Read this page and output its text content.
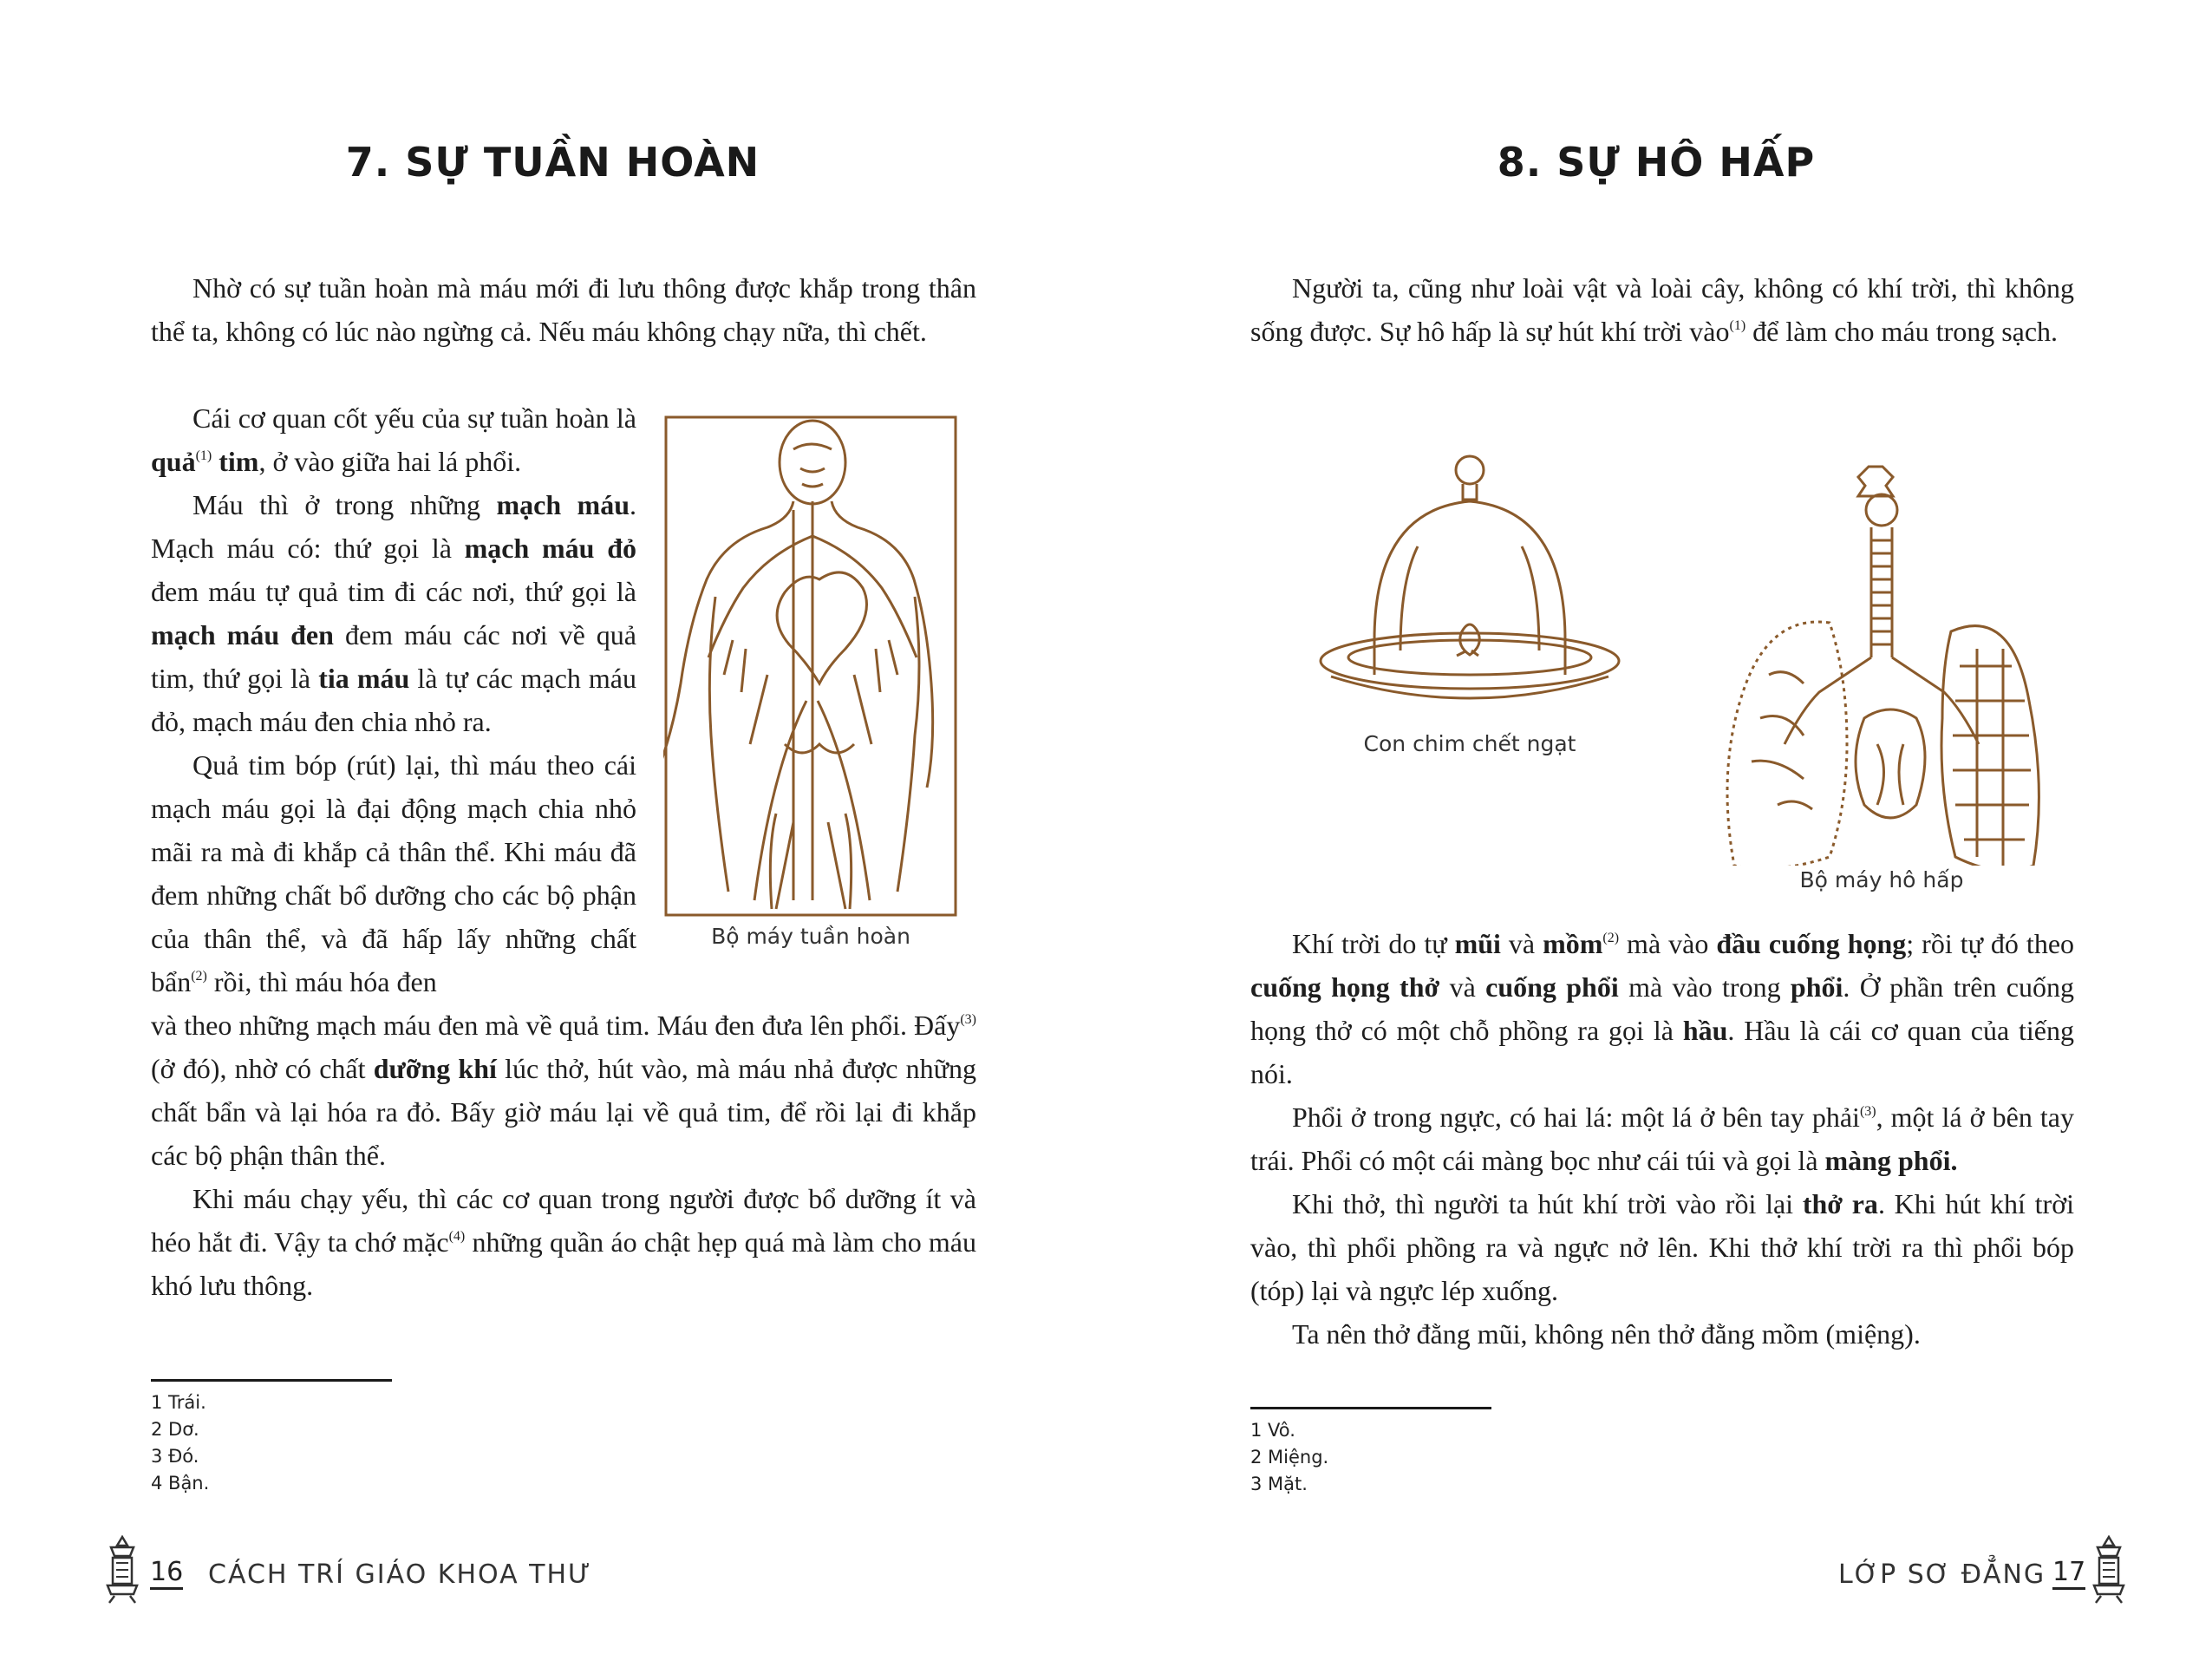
7. SỰ TUẦN HOÀN

Nhờ có sự tuần hoàn mà máu mới đi lưu thông được khắp trong thân thể ta, không có lúc nào ngừng cả. Nếu máu không chạy nữa, thì chết.

Cái cơ quan cốt yếu của sự tuần hoàn là quả$^{(1)}$ tim, ở vào giữa hai lá phổi.

Máu thì ở trong những mạch máu. Mạch máu có: thứ gọi là mạch máu đỏ đem máu tự quả tim đi các nơi, thứ gọi là mạch máu đen đem máu các nơi về quả tim, thứ gọi là tia máu là tự các mạch máu đỏ, mạch máu đen chia nhỏ ra.

Quả tim bóp (rút) lại, thì máu theo cái mạch máu gọi là đại động mạch chia nhỏ mãi ra mà đi khắp cả thân thể. Khi máu đã đem những chất bổ dưỡng cho các bộ phận của thân thể, và đã hấp lấy những chất bẩn$^{(2)}$ rồi, thì máu hóa đen

và theo những mạch máu đen mà về quả tim. Máu đen đưa lên phổi. Đấy$^{(3)}$ (ở đó), nhờ có chất dưỡng khí lúc thở, hút vào, mà máu nhả được những chất bẩn và lại hóa ra đỏ. Bấy giờ máu lại về quả tim, để rồi lại đi khắp các bộ phận thân thể.

Khi máu chạy yếu, thì các cơ quan trong người được bổ dưỡng ít và héo hắt đi. Vậy ta chớ mặc$^{(4)}$ những quần áo chật hẹp quá mà làm cho máu khó lưu thông.

Bộ máy tuần hoàn
1 Trái.
2 Dơ.
3 Đó.
4 Bận.
16 CÁCH TRÍ GIÁO KHOA THƯ
8. SỰ HÔ HẤP

Người ta, cũng như loài vật và loài cây, không có khí trời, thì không sống được. Sự hô hấp là sự hút khí trời vào$^{(1)}$ để làm cho máu trong sạch.

Con chim chết ngạt
Bộ máy hô hấp

Khí trời do tự mũi và mồm$^{(2)}$ mà vào đầu cuống họng; rồi tự đó theo cuống họng thở và cuống phổi mà vào trong phổi. Ở phần trên cuống họng thở có một chỗ phồng ra gọi là hầu. Hầu là cái cơ quan của tiếng nói.

Phổi ở trong ngực, có hai lá: một lá ở bên tay phải$^{(3)}$, một lá ở bên tay trái. Phổi có một cái màng bọc như cái túi và gọi là màng phổi.

Khi thở, thì người ta hút khí trời vào rồi lại thở ra. Khi hút khí trời vào, thì phổi phồng ra và ngực nở lên. Khi thở khí trời ra thì phổi bóp (tóp) lại và ngực lép xuống.

Ta nên thở đằng mũi, không nên thở đằng mồm (miệng).

1 Vô.
2 Miệng.
3 Mặt.
LỚP SƠ ĐẲNG 17
